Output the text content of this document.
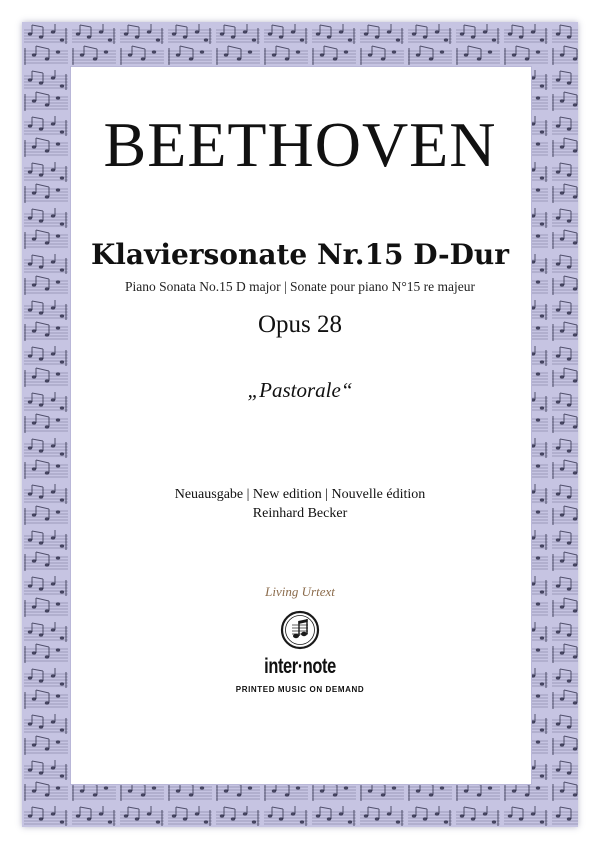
BEETHOVEN
Klaviersonate Nr.15 D-Dur
Piano Sonata No.15 D major | Sonate pour piano N°15 re majeur
Opus 28
„Pastorale“
Neuausgabe | New edition | Nouvelle édition
Reinhard Becker
Living Urtext
inter·note
PRINTED MUSIC ON DEMAND
